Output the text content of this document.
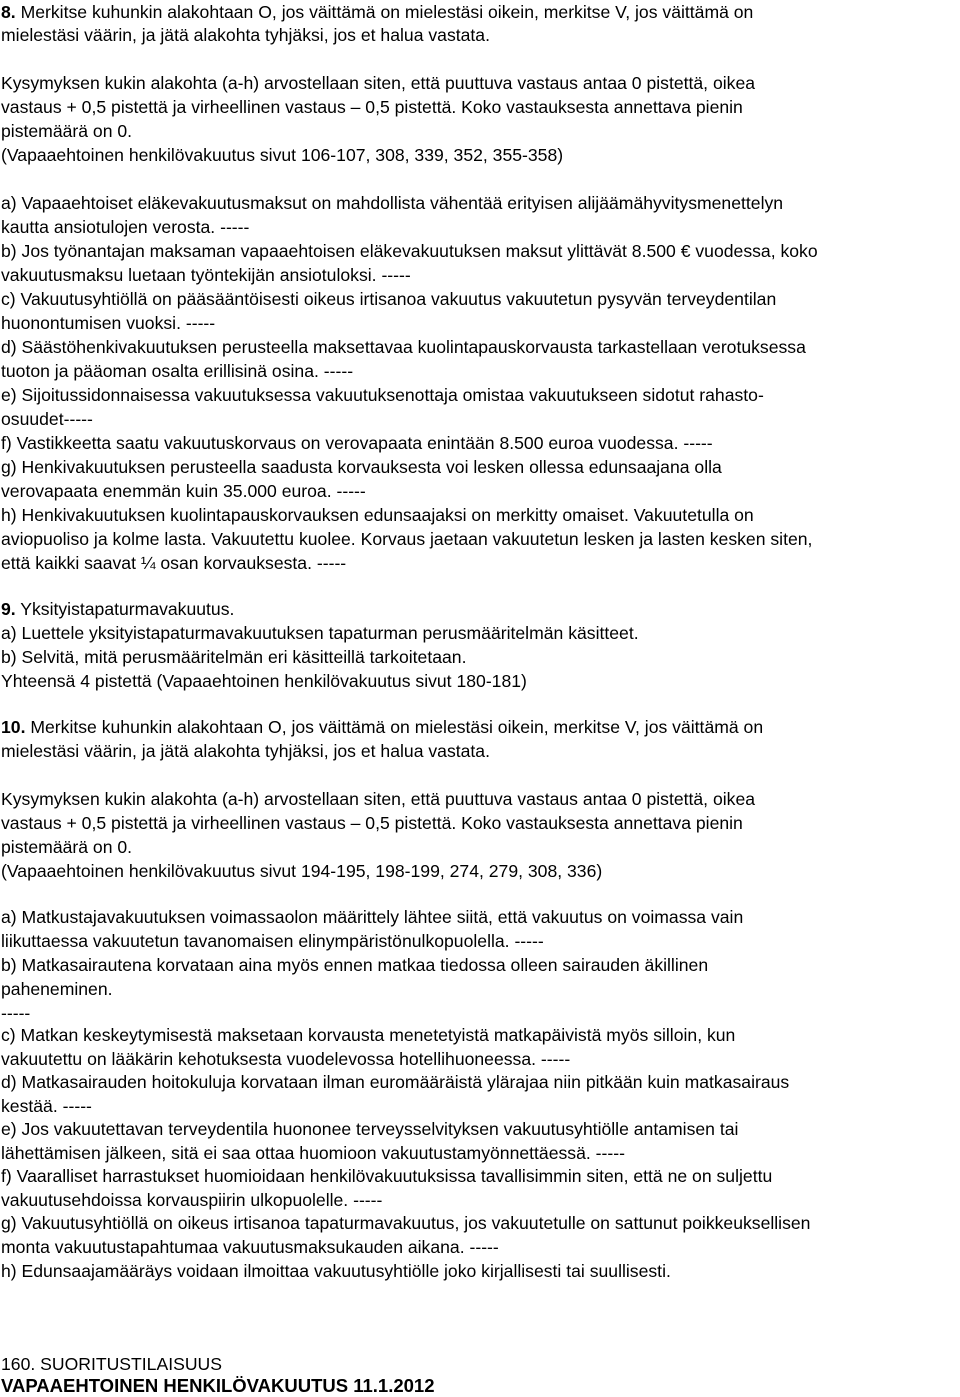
8. Merkitse kuhunkin alakohtaan O, jos väittämä on mielestäsi oikein, merkitse V, jos väittämä on

mielestäsi väärin, ja jätä alakohta tyhjäksi, jos et halua vastata.

Kysymyksen kukin alakohta (a-h) arvostellaan siten, että puuttuva vastaus antaa 0 pistettä, oikea

vastaus + 0,5 pistettä ja virheellinen vastaus – 0,5 pistettä. Koko vastauksesta annettava pienin

pistemäärä on 0.

(Vapaaehtoinen henkilövakuutus sivut 106-107, 308, 339, 352, 355-358)

a) Vapaaehtoiset eläkevakuutusmaksut on mahdollista vähentää erityisen alijäämähyvitysmenettelyn

kautta ansiotulojen verosta. -----

b) Jos työnantajan maksaman vapaaehtoisen eläkevakuutuksen maksut ylittävät 8.500 € vuodessa, koko

vakuutusmaksu luetaan työntekijän ansiotuloksi. -----

c) Vakuutusyhtiöllä on pääsääntöisesti oikeus irtisanoa vakuutus vakuutetun pysyvän terveydentilan

huonontumisen vuoksi. -----

d) Säästöhenkivakuutuksen perusteella maksettavaa kuolintapauskorvausta tarkastellaan verotuksessa

tuoton ja pääoman osalta erillisinä osina. -----

e) Sijoitussidonnaisessa vakuutuksessa vakuutuksenottaja omistaa vakuutukseen sidotut rahasto-

osuudet-----

f) Vastikkeetta saatu vakuutuskorvaus on verovapaata enintään 8.500 euroa vuodessa. -----

g) Henkivakuutuksen perusteella saadusta korvauksesta voi lesken ollessa edunsaajana olla

verovapaata enemmän kuin 35.000 euroa. -----

h) Henkivakuutuksen kuolintapauskorvauksen edunsaajaksi on merkitty omaiset. Vakuutetulla on

aviopuoliso ja kolme lasta. Vakuutettu kuolee. Korvaus jaetaan vakuutetun lesken ja lasten kesken siten,

että kaikki saavat ¼ osan korvauksesta. -----

9. Yksityistapaturmavakuutus.

a) Luettele yksityistapaturmavakuutuksen tapaturman perusmääritelmän käsitteet.

b) Selvitä, mitä perusmääritelmän eri käsitteillä tarkoitetaan.

Yhteensä 4 pistettä (Vapaaehtoinen henkilövakuutus sivut 180-181)

10. Merkitse kuhunkin alakohtaan O, jos väittämä on mielestäsi oikein, merkitse V, jos väittämä on

mielestäsi väärin, ja jätä alakohta tyhjäksi, jos et halua vastata.

Kysymyksen kukin alakohta (a-h) arvostellaan siten, että puuttuva vastaus antaa 0 pistettä, oikea

vastaus + 0,5 pistettä ja virheellinen vastaus – 0,5 pistettä. Koko vastauksesta annettava pienin

pistemäärä on 0.

(Vapaaehtoinen henkilövakuutus sivut 194-195, 198-199, 274, 279, 308, 336)

a) Matkustajavakuutuksen voimassaolon määrittely lähtee siitä, että vakuutus on voimassa vain

liikuttaessa vakuutetun tavanomaisen elinympäristönulkopuolella. -----

b) Matkasairautena korvataan aina myös ennen matkaa tiedossa olleen sairauden äkillinen

paheneminen.

-----

c) Matkan keskeytymisestä maksetaan korvausta menetetyistä matkapäivistä myös silloin, kun

vakuutettu on lääkärin kehotuksesta vuodelevossa hotellihuoneessa. -----

d) Matkasairauden hoitokuluja korvataan ilman euromääräistä ylärajaa niin pitkään kuin matkasairaus

kestää. -----

e) Jos vakuutettavan terveydentila huononee terveysselvityksen vakuutusyhtiölle antamisen tai

lähettämisen jälkeen, sitä ei saa ottaa huomioon vakuutustamyönnettäessä. -----

f) Vaaralliset harrastukset huomioidaan henkilövakuutuksissa tavallisimmin siten, että ne on suljettu

vakuutusehdoissa korvauspiirin ulkopuolelle. -----

g) Vakuutusyhtiöllä on oikeus irtisanoa tapaturmavakuutus, jos vakuutetulle on sattunut poikkeuksellisen

monta vakuutustapahtumaa vakuutusmaksukauden aikana. -----

h) Edunsaajamääräys voidaan ilmoittaa vakuutusyhtiölle joko kirjallisesti tai suullisesti.

160. SUORITUSTILAISUUS

VAPAAEHTOINEN HENKILÖVAKUUTUS 11.1.2012
